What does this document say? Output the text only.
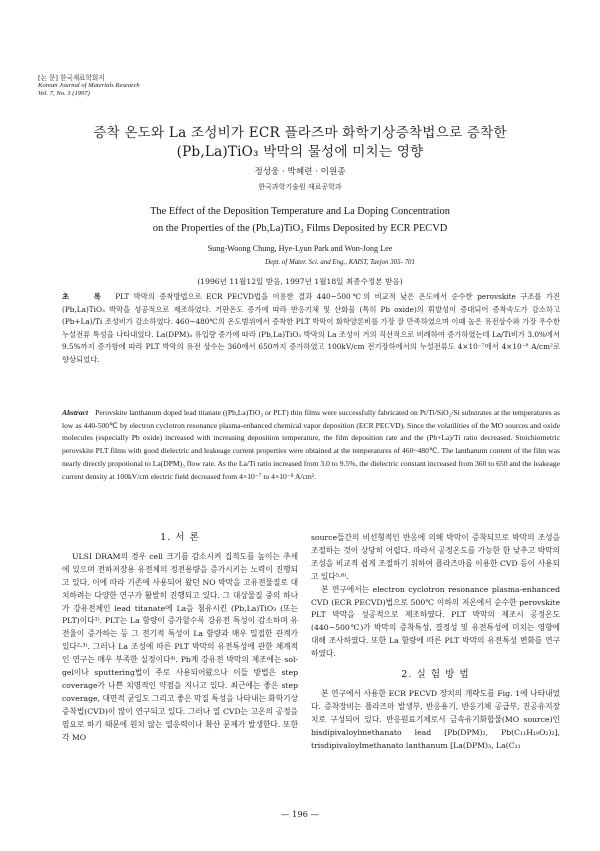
[논 문] 한국재료학회지
Korean Journal of Materials Research
Vol. 7, No. 3 (1997)
증착 온도와 La 조성비가 ECR 플라즈마 화학기상증착법으로 증착한
(Pb,La)TiO₃ 박막의 물성에 미치는 영향
정성웅 · 박혜련 · 이원종
한국과학기술원 재료공학과
The Effect of the Deposition Temperature and La Doping Concentration
on the Properties of the (Pb,La)TiO₃ Films Deposited by ECR PECVD
Sung-Woong Chung, Hye-Lyun Park and Won-Jong Lee
Dept. of Mater. Sci. and Eng., KAIST, Taejon 305- 701
(1996년 11월12일 받음, 1997년 1월18일 최종수정본 받음)
초 록 PLT 박막의 증착방법으로 ECR PECVD법을 이용한 결과 440~500℃의 비교적 낮은 온도에서 순수한 perovskite 구조를 가진 (Pb,La)TiO₃ 박막을 성공적으로 제조하였다. 기판온도 증가에 따라 반응기체 및 산화물 (특히 Pb oxide)의 휘발성이 증대되어 증착속도가 감소하고 (Pb+La)/Ti 조성비가 감소하였다. 460~480℃의 온도범위에서 증착한 PLT 박막이 화학양론비를 가장 잘 만족하였으며 이때 높은 유전상수와 가장 우수한 누설전류 특성을 나타내었다. La(DPM)₃ 유입량 증가에 따라 (Pb,La)TiO₃ 박막의 La 조성이 거의 직선적으로 비례하여 증가하였는데 La/Ti비가 3.0%에서 9.5%까지 증가함에 따라 PLT 박막의 유전 상수는 360에서 650까지 증가하였고 100kV/cm 전기장하에서의 누설전류도 4×10⁻⁷에서 4×10⁻⁸ A/cm²로 향상되었다.
Abstract Perovskite lanthanum doped lead titanate ((Pb,La)TiO₃ or PLT) thin films were successfully fabricated on Pt/Ti/SiO₂/Si substrates at the temperatures as low as 440-500℃ by electron cyclotron resonance plasma-enhanced chemical vapor deposition (ECR PECVD). Since the volatilities of the MO sources and oxide molecules (especially Pb oxide) increased with increasing deposition temperature, the film deposition rate and the (Pb+La)/Ti ratio decreased. Stoichiometric perovskite PLT films with good dielectric and leakeage current properties were obtained at the temperatures of 460~480℃. The lanthanum content of the film was nearly directly propotional to La(DPM)₃ flow rate. As the La/Ti ratio increased from 3.0 to 9.5%, the dielectric constant increased from 360 to 650 and the leakeage current density at 100kV/cm electric field decreased from 4×10⁻⁷ to 4×10⁻⁸ A/cm².
1. 서 론

ULSI DRAM의 경우 cell 크기를 감소시켜 집적도를 높이는 추세에 있으며 전하저장용 유전체의 정전용량을 증가시키는 노력이 진행되고 있다. 이에 따라 기존에 사용되어 왔던 NO 박막을 고유전물질로 대치하려는 다양한 연구가 활발히 진행되고 있다. 그 대상물질 중의 하나가 강유전체인 lead titanate에 La을 첨유시킨 (Pb,La)TiO₃ (또는 PLT)이다¹⁾. PLT는 La 함량이 증가할수록 강유전 특성이 감소하며 유전율이 증가하는 등 그 전기적 특성이 La 함량과 매우 밀접한 관계가 있다²·³⁾. 그러나 La 조성에 따른 PLT 박막의 유전특성에 관한 체계적인 연구는 매우 부족한 실정이다⁴⁾. Pb계 강유전 박막의 제조에는 sol-gel이나 sputtering법이 주로 사용되어왔으나 이들 방법은 step coverage가 나쁜 치명적인 약점을 지니고 있다. 최근에는 좋은 step coverage, 대면적 균일도 그리고 좋은 막질 특성을 나타내는 화학기상증착법(CVD)이 많이 연구되고 있다. 그러나 열 CVD는 고온의 공정을 필요로 하기 때문에 원치 않는 열응력이나 확산 문제가 발생한다. 또한 각 MO

source들간의 비선형적인 반응에 의해 박막이 증착되므로 박막의 조성을 조절하는 것이 상당히 어렵다. 따라서 공정온도를 가능한 한 낮추고 박막의 조성을 비교적 쉽게 조절하기 위하여 플라즈마를 이용한 CVD 등이 사용되고 있다⁵·⁶⁾.

본 연구에서는 electron cyclotron resonance plasma-enhanced CVD (ECR PECVD)법으로 500℃ 이하의 저온에서 순수한 perovskite PLT 박막을 성공적으로 제조하였다. PLT 박막의 제조시 공정온도(440~500℃)가 박막의 증착특성, 결정성 및 유전특성에 미치는 영향에 대해 조사하였다. 또한 La 함량에 따른 PLT 박막의 유전특성 변화를 연구하였다.

2. 실 험 방 법

본 연구에서 사용한 ECR PECVD 장치의 개략도를 Fig. 1에 나타내었다. 증착장비는 플라즈마 발생부, 반응용기, 반응기체 공급부, 진공유지장치로 구성되어 있다. 반응원료기체로서 금속유기화합물(MO source)인 bisdipivaloylmethanato lead [Pb(DPM)₂, Pb(C₁₁H₁₉O₂)₂], trisdipivaloylmethanato lanthanum [La(DPM)₃, La(C₁₁

— 196 —
